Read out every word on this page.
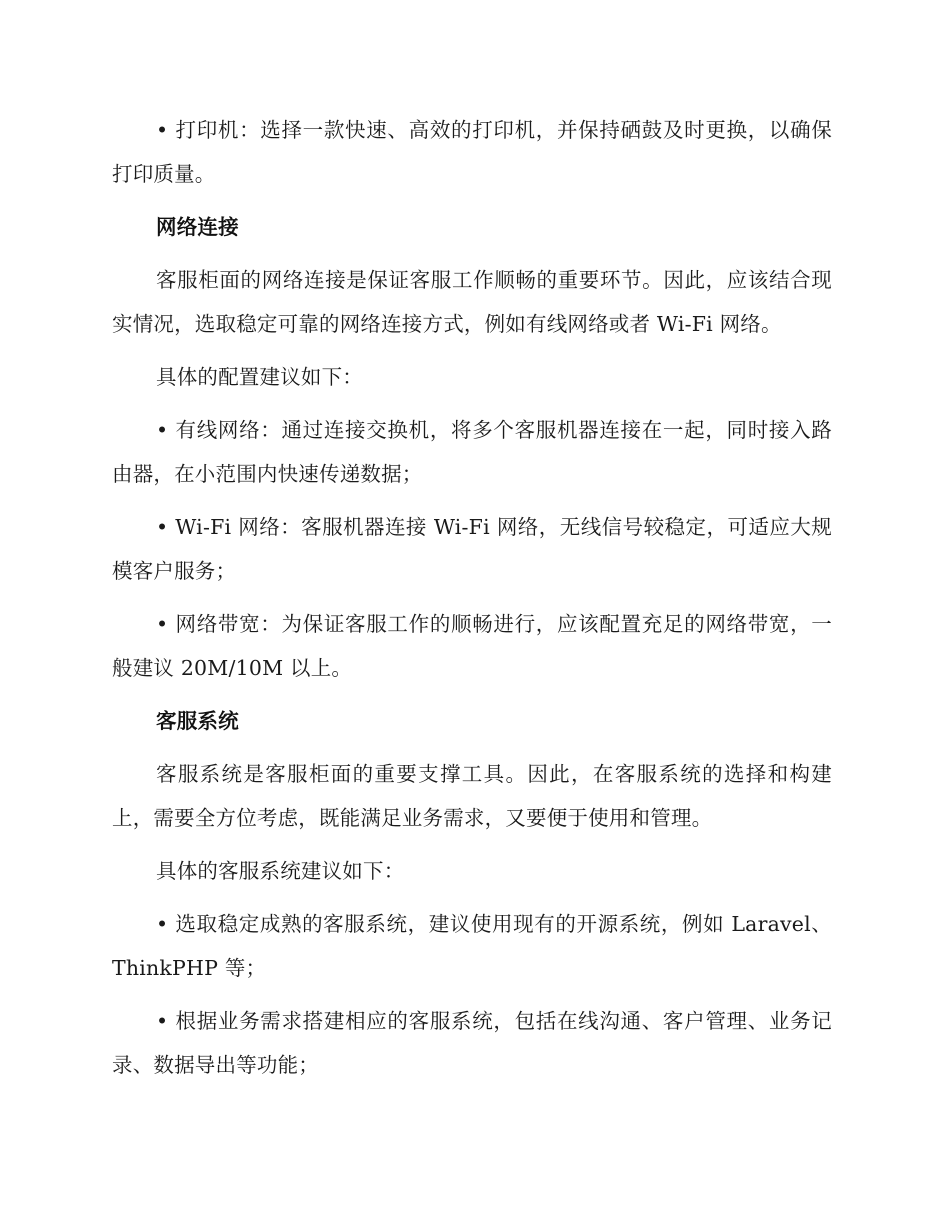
• 打印机：选择一款快速、高效的打印机，并保持硒鼓及时更换，以确保打印质量。

网络连接

客服柜面的网络连接是保证客服工作顺畅的重要环节。因此，应该结合现实情况，选取稳定可靠的网络连接方式，例如有线网络或者 Wi-Fi 网络。

具体的配置建议如下：

• 有线网络：通过连接交换机，将多个客服机器连接在一起，同时接入路由器，在小范围内快速传递数据；

• Wi-Fi 网络：客服机器连接 Wi-Fi 网络，无线信号较稳定，可适应大规模客户服务；

• 网络带宽：为保证客服工作的顺畅进行，应该配置充足的网络带宽，一般建议 20M/10M 以上。

客服系统

客服系统是客服柜面的重要支撑工具。因此，在客服系统的选择和构建上，需要全方位考虑，既能满足业务需求，又要便于使用和管理。

具体的客服系统建议如下：

• 选取稳定成熟的客服系统，建议使用现有的开源系统，例如 Laravel、ThinkPHP 等；

• 根据业务需求搭建相应的客服系统，包括在线沟通、客户管理、业务记录、数据导出等功能；
